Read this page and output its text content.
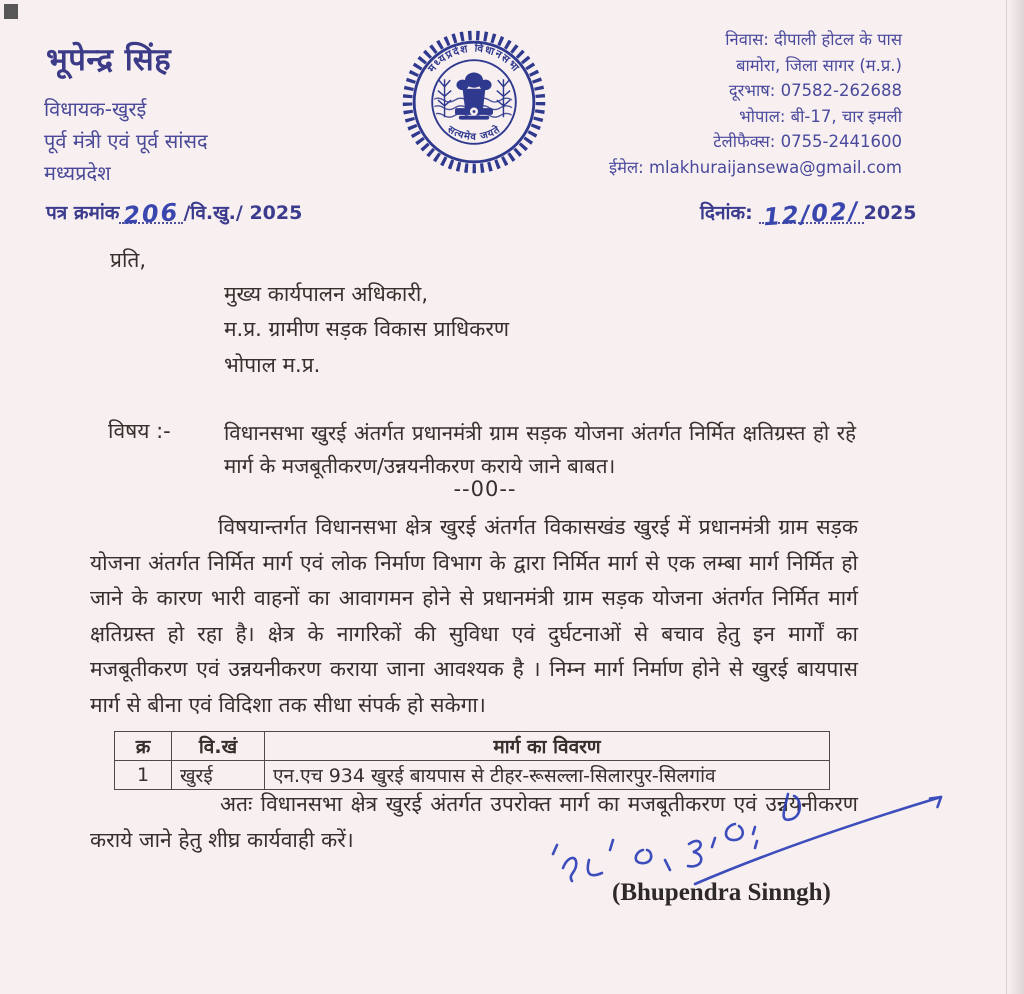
भूपेन्द्र सिंह
विधायक-खुरई
पूर्व मंत्री एवं पूर्व सांसद
मध्यप्रदेश
मध्यप्रदेश विधानसभा
सत्यमेव जयते
निवास: दीपाली होटल के पास
बामोरा, जिला सागर (म.प्र.)
दूरभाष: 07582-262688
भोपाल: बी-17, चार इमली
टेलीफैक्स: 0755-2441600
ईमेल: mlakhuraijansewa@gmail.com
पत्र क्रमांक 206 /वि.खु./ 2025	दिनांक: 12/02/ 2025
प्रति,
मुख्य कार्यपालन अधिकारी,
म.प्र. ग्रामीण सड़क विकास प्राधिकरण
भोपाल म.प्र.
विषय :-	विधानसभा खुरई अंतर्गत प्रधानमंत्री ग्राम सड़क योजना अंतर्गत निर्मित क्षतिग्रस्त हो रहे मार्ग के मजबूतीकरण/उन्नयनीकरण कराये जाने बाबत।
--00--
विषयान्तर्गत विधानसभा क्षेत्र खुरई अंतर्गत विकासखंड खुरई में प्रधानमंत्री ग्राम सड़क योजना अंतर्गत निर्मित मार्ग एवं लोक निर्माण विभाग के द्वारा निर्मित मार्ग से एक लम्बा मार्ग निर्मित हो जाने के कारण भारी वाहनों का आवागमन होने से प्रधानमंत्री ग्राम सड़क योजना अंतर्गत निर्मित मार्ग क्षतिग्रस्त हो रहा है। क्षेत्र के नागरिकों की सुविधा एवं दुर्घटनाओं से बचाव हेतु इन मार्गों का मजबूतीकरण एवं उन्नयनीकरण कराया जाना आवश्यक है । निम्न मार्ग निर्माण होने से खुरई बायपास मार्ग से बीना एवं विदिशा तक सीधा संपर्क हो सकेगा।
क्र	वि.खं	मार्ग का विवरण
1	खुरई	एन.एच 934 खुरई बायपास से टीहर-रूसल्ला-सिलारपुर-सिलगांव
अतः विधानसभा क्षेत्र खुरई अंतर्गत उपरोक्त मार्ग का मजबूतीकरण एवं उन्नयनीकरण कराये जाने हेतु शीघ्र कार्यवाही करें।
(Bhupendra Sinngh)
